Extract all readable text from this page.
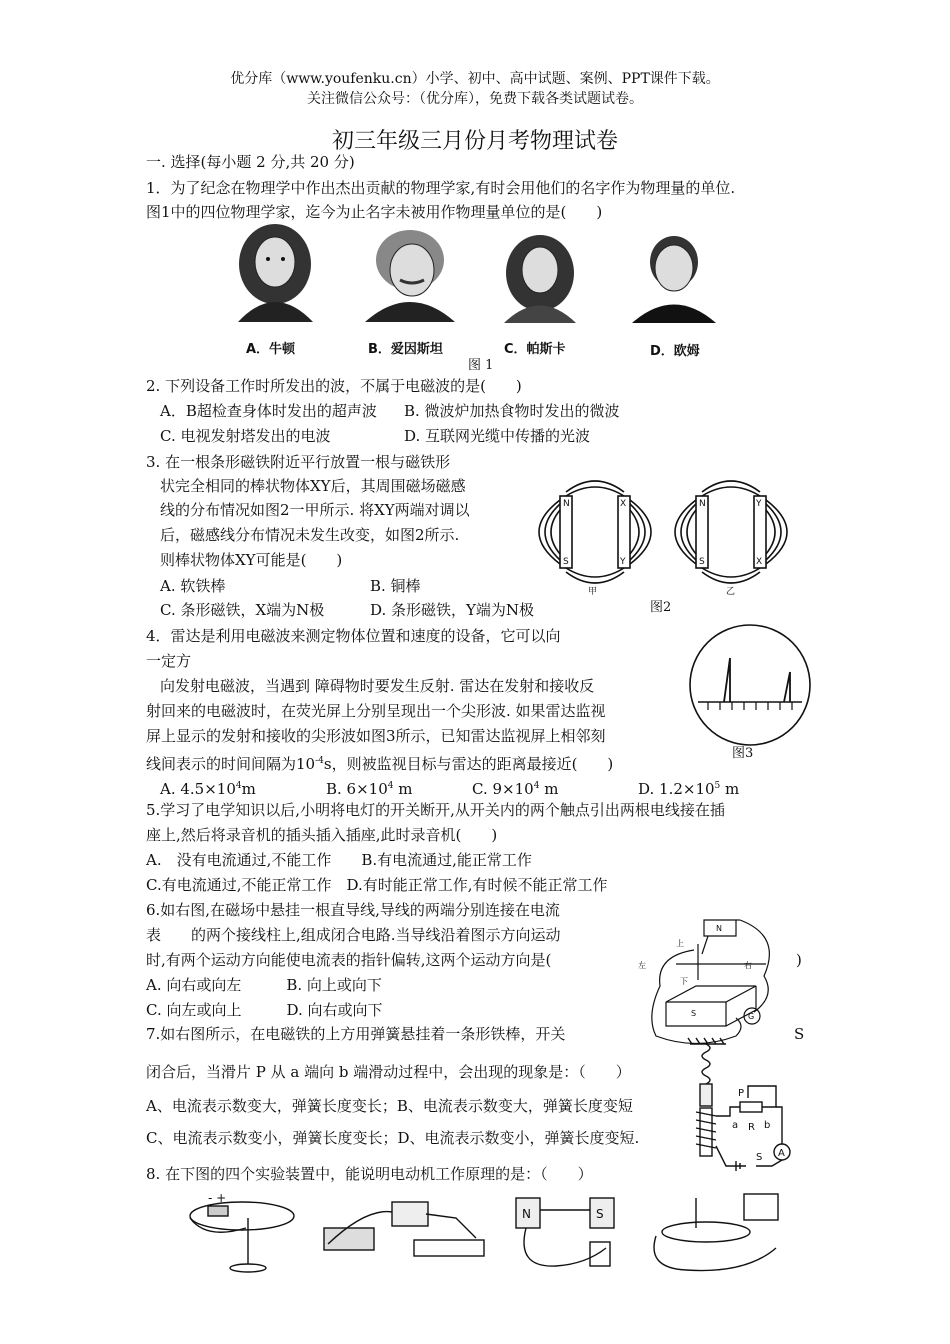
优分库（www.youfenku.cn）小学、初中、高中试题、案例、PPT课件下载。
关注微信公众号：（优分库），免费下载各类试题试卷。
初三年级三月份月考物理试卷
一. 选择(每小题 2 分,共 20 分)
1．为了纪念在物理学中作出杰出贡献的物理学家,有时会用他们的名字作为物理量的单位.
图1中的四位物理学家，迄今为止名字未被用作物理量单位的是(　　)
A．牛顿	B．爱因斯坦	C．帕斯卡	D．欧姆
图 1
2. 下列设备工作时所发出的波，不属于电磁波的是(　　)
A．B超检查身体时发出的超声波 B. 微波炉加热食物时发出的微波
C. 电视发射塔发出的电波	D. 互联网光缆中传播的光波
3. 在一根条形磁铁附近平行放置一根与磁铁形
状完全相同的棒状物体XY后，其周围磁场磁感
线的分布情况如图2一甲所示. 将XY两端对调以
后，磁感线分布情况未发生改变，如图2所示.
则棒状物体XY可能是(　　)
A. 软铁棒	B. 铜棒
C. 条形磁铁，X端为N极	D. 条形磁铁，Y端为N极
N
S
X
Y
N
S
Y
X
甲	乙
图2
4．雷达是利用电磁波来测定物体位置和速度的设备，它可以向
一定方
向发射电磁波，当遇到 障碍物时要发生反射. 雷达在发射和接收反
射回来的电磁波时，在荧光屏上分别呈现出一个尖形波. 如果雷达监视
屏上显示的发射和接收的尖形波如图3所示，已知雷达监视屏上相邻刻
线间表示的时间间隔为$10^{-4}s$，则被监视目标与雷达的距离最接近(　　)
A. $4.5\times 10^4m$	B. $6\times 10^4$ m	C. $9\times 10^4$ m	D. $1.2\times 10^5$ m
图3
5.学习了电学知识以后,小明将电灯的开关断开,从开关内的两个触点引出两根电线接在插
座上,然后将录音机的插头插入插座,此时录音机(　　)
A.　没有电流通过,不能工作　　B.有电流通过,能正常工作
C.有电流通过,不能正常工作　D.有时能正常工作,有时候不能正常工作
6.如右图,在磁场中悬挂一根直导线,导线的两端分别连接在电流
表　　的两个接线柱上,组成闭合电路.当导线沿着图示方向运动
时,有两个运动方向能使电流表的指针偏转,这两个运动方向是(	)
A. 向右或向左　　　B. 向上或向下
C. 向左或向上　　　D. 向右或向下
N
S
上
下
左	右
G
7.如右图所示，在电磁铁的上方用弹簧悬挂着一条形铁棒，开关	S
闭合后，当滑片 P 从 a 端向 b 端滑动过程中，会出现的现象是：（　　）
A、电流表示数变大，弹簧长度变长；B、电流表示数变大，弹簧长度变短
C、电流表示数变小，弹簧长度变长；D、电流表示数变小，弹簧长度变短.
P
a R b
S A
8. 在下图的四个实验装置中，能说明电动机工作原理的是：（　　）
- +
N	S
